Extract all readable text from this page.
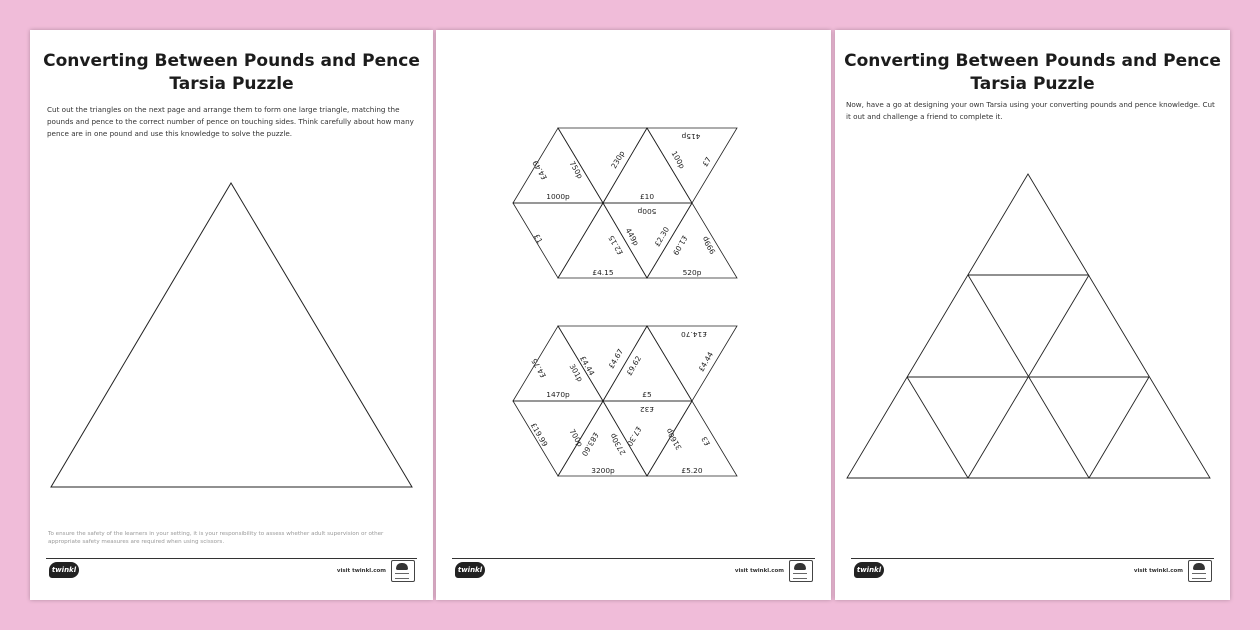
Converting Between Pounds and Pence
Tarsia Puzzle
Cut out the triangles on the next page and arrange them to form one large triangle, matching the pounds and pence to the correct number of pence on touching sides. Think carefully about how many pence are in one pound and use this knowledge to solve the puzzle.
To ensure the safety of the learners in your setting, it is your responsibility to assess whether adult supervision or other appropriate safety measures are required when using scissors.
twinkl	visit twinkl.com
£4.49	750p	230p
£10
100p £7
415p
1000p
500p
£1	£2.15
449p £2.30 £1.09 999p
£4.15	520p
£4.75	£4.44
301p
£4.67 £9.62
£14.70
£4.44
1470p	£5
£32
£19.99 700p
£83.60	£7.30
2730p	3160p £3
3200p	£5.20
twinkl	visit twinkl.com
Converting Between Pounds and Pence
Tarsia Puzzle
Now, have a go at designing your own Tarsia using your converting pounds and pence knowledge. Cut it out and challenge a friend to complete it.
twinkl	visit twinkl.com
